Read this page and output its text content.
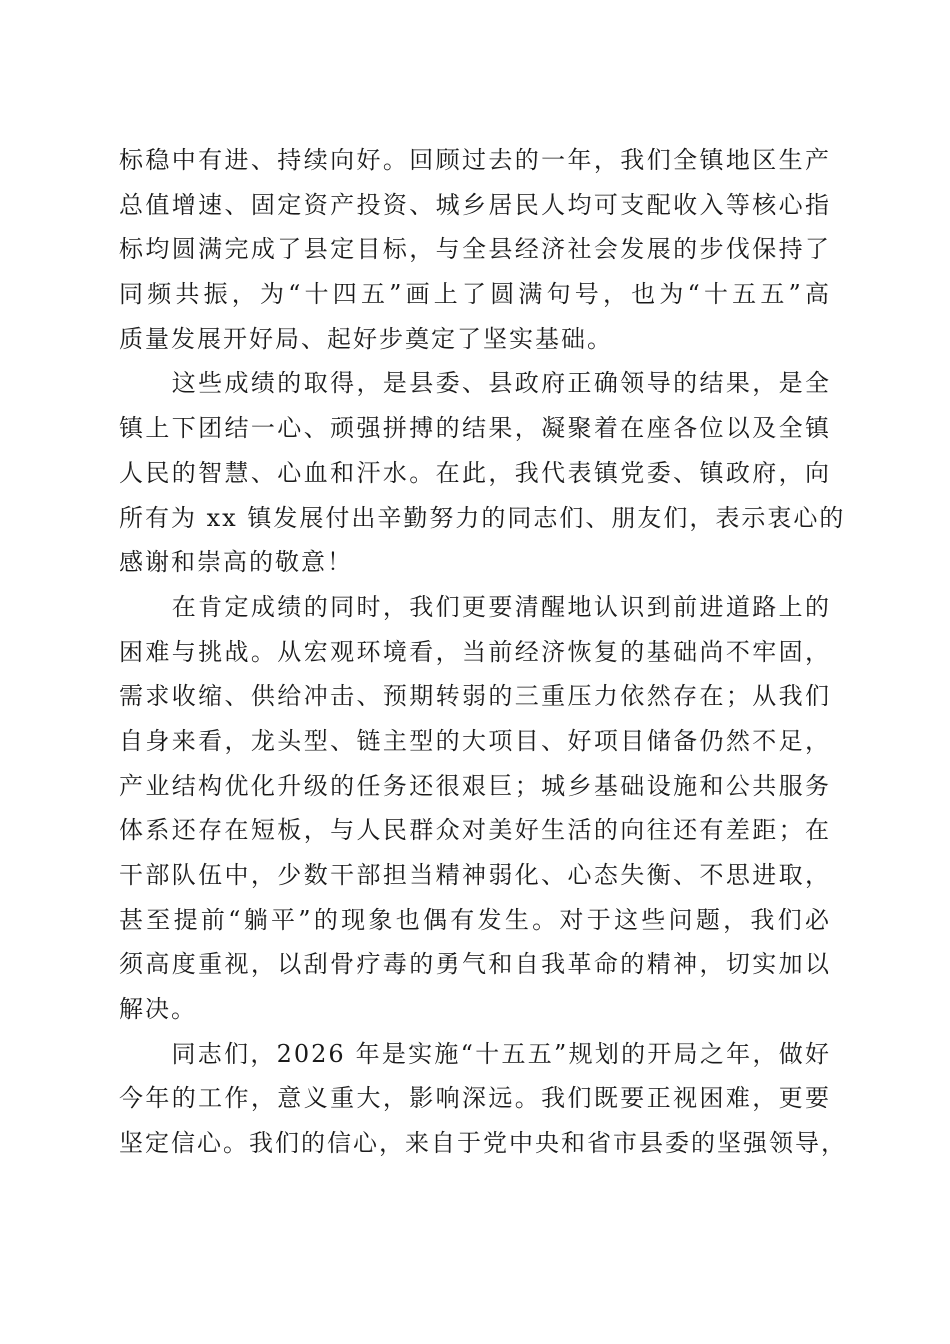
标稳中有进、持续向好。回顾过去的一年，我们全镇地区生产
总值增速、固定资产投资、城乡居民人均可支配收入等核心指
标均圆满完成了县定目标，与全县经济社会发展的步伐保持了
同频共振，为“十四五”画上了圆满句号，也为“十五五”高
质量发展开好局、起好步奠定了坚实基础。
　　这些成绩的取得，是县委、县政府正确领导的结果，是全
镇上下团结一心、顽强拼搏的结果，凝聚着在座各位以及全镇
人民的智慧、心血和汗水。在此，我代表镇党委、镇政府，向
所有为 xx 镇发展付出辛勤努力的同志们、朋友们，表示衷心的
感谢和崇高的敬意！
　　在肯定成绩的同时，我们更要清醒地认识到前进道路上的
困难与挑战。从宏观环境看，当前经济恢复的基础尚不牢固，
需求收缩、供给冲击、预期转弱的三重压力依然存在；从我们
自身来看，龙头型、链主型的大项目、好项目储备仍然不足，
产业结构优化升级的任务还很艰巨；城乡基础设施和公共服务
体系还存在短板，与人民群众对美好生活的向往还有差距；在
干部队伍中，少数干部担当精神弱化、心态失衡、不思进取，
甚至提前“躺平”的现象也偶有发生。对于这些问题，我们必
须高度重视，以刮骨疗毒的勇气和自我革命的精神，切实加以
解决。
　　同志们，2026 年是实施“十五五”规划的开局之年，做好
今年的工作，意义重大，影响深远。我们既要正视困难，更要
坚定信心。我们的信心，来自于党中央和省市县委的坚强领导，
